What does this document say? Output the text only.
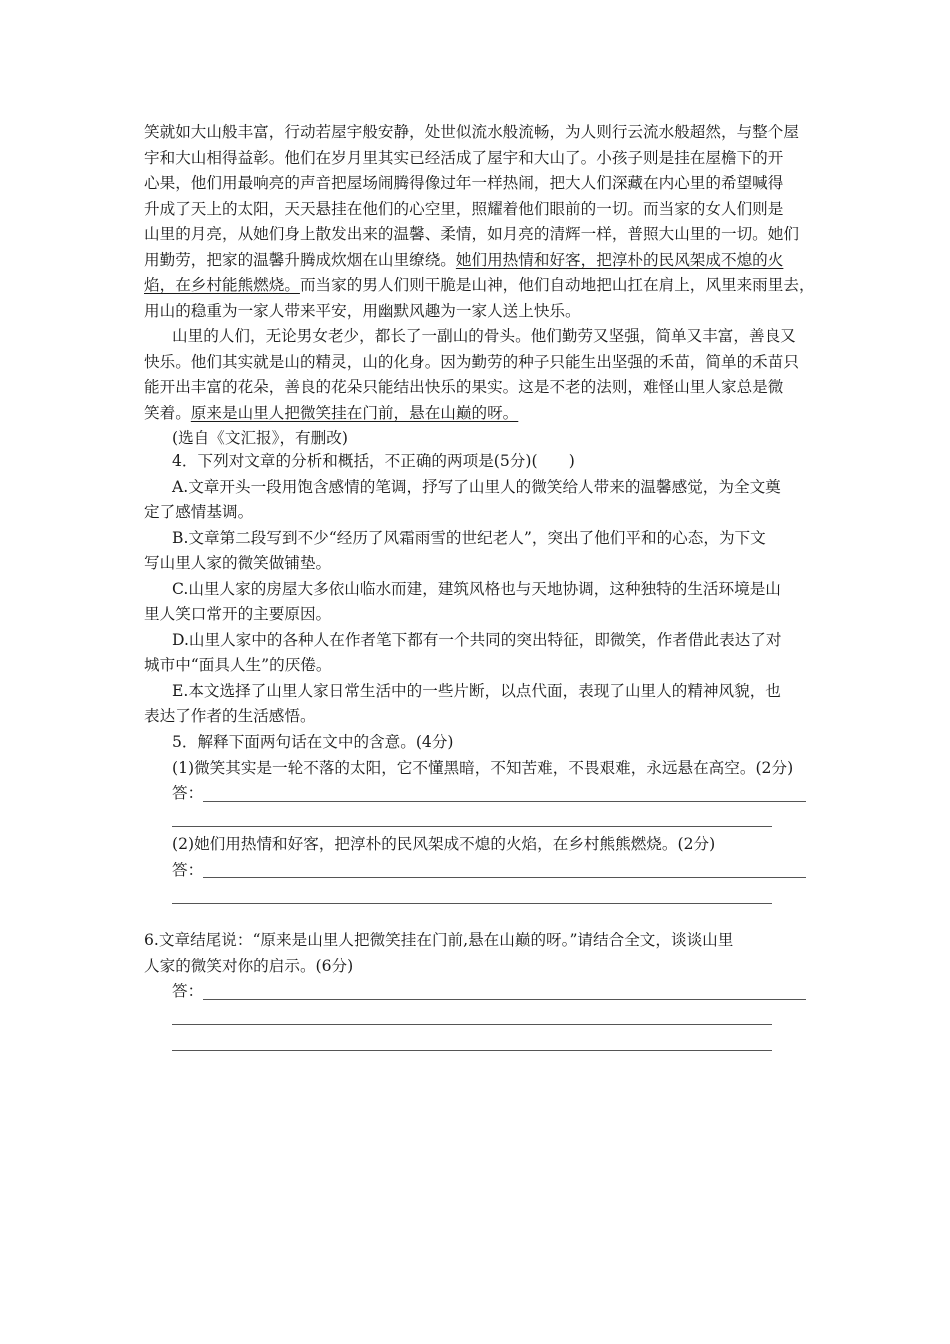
笑就如大山般丰富，行动若屋宇般安静，处世似流水般流畅，为人则行云流水般超然，与整个屋
宇和大山相得益彰。他们在岁月里其实已经活成了屋宇和大山了。小孩子则是挂在屋檐下的开
心果，他们用最响亮的声音把屋场闹腾得像过年一样热闹，把大人们深藏在内心里的希望喊得
升成了天上的太阳，天天悬挂在他们的心空里，照耀着他们眼前的一切。而当家的女人们则是
山里的月亮，从她们身上散发出来的温馨、柔情，如月亮的清辉一样，普照大山里的一切。她们
用勤劳，把家的温馨升腾成炊烟在山里缭绕。她们用热情和好客，把淳朴的民风架成不熄的火
焰，在乡村能熊燃烧。而当家的男人们则干脆是山神，他们自动地把山扛在肩上，风里来雨里去，
用山的稳重为一家人带来平安，用幽默风趣为一家人送上快乐。
山里的人们，无论男女老少，都长了一副山的骨头。他们勤劳又坚强，简单又丰富，善良又
快乐。他们其实就是山的精灵，山的化身。因为勤劳的种子只能生出坚强的禾苗，简单的禾苗只
能开出丰富的花朵，善良的花朵只能结出快乐的果实。这是不老的法则，难怪山里人家总是微
笑着。原来是山里人把微笑挂在门前，悬在山巅的呀。
(选自《文汇报》，有删改)
4．下列对文章的分析和概括，不正确的两项是(5分)(　　)
A.文章开头一段用饱含感情的笔调，抒写了山里人的微笑给人带来的温馨感觉，为全文奠
定了感情基调。
B.文章第二段写到不少“经历了风霜雨雪的世纪老人”，突出了他们平和的心态，为下文
写山里人家的微笑做铺垫。
C.山里人家的房屋大多依山临水而建，建筑风格也与天地协调，这种独特的生活环境是山
里人笑口常开的主要原因。
D.山里人家中的各种人在作者笔下都有一个共同的突出特征，即微笑，作者借此表达了对
城市中“面具人生”的厌倦。
E.本文选择了山里人家日常生活中的一些片断，以点代面，表现了山里人的精神风貌，也
表达了作者的生活感悟。
5．解释下面两句话在文中的含意。(4分)
(1)微笑其实是一轮不落的太阳，它不懂黑暗，不知苦难，不畏艰难，永远悬在高空。(2分)
答：
(2)她们用热情和好客，把淳朴的民风架成不熄的火焰，在乡村熊熊燃烧。(2分)
答：
6.文章结尾说：“原来是山里人把微笑挂在门前,悬在山巅的呀。”请结合全文，谈谈山里
人家的微笑对你的启示。(6分)
答：
